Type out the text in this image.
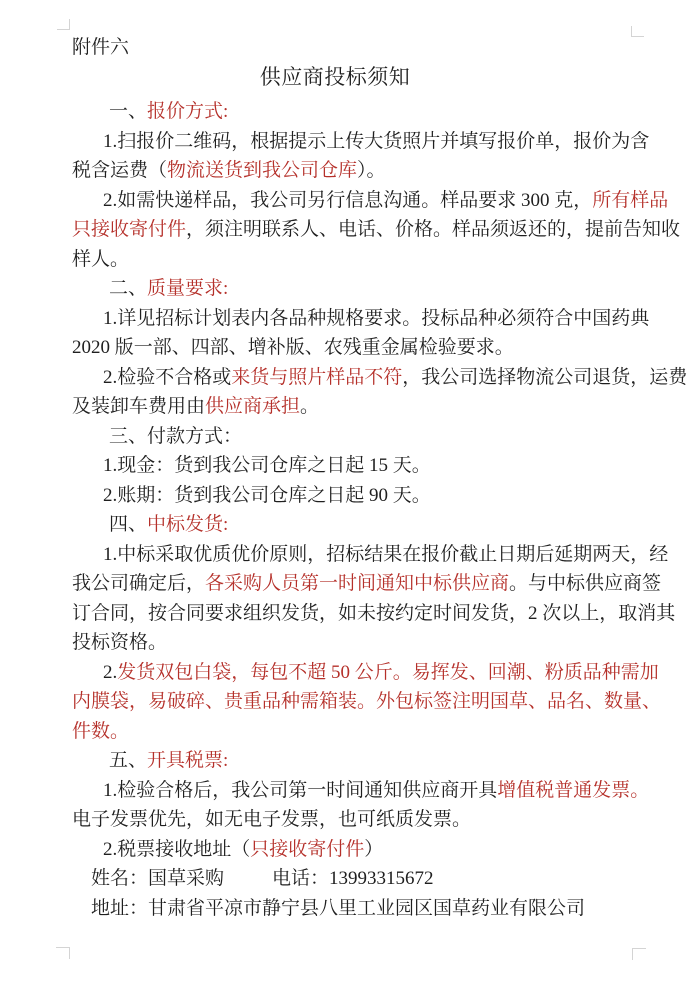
附件六
供应商投标须知
一、报价方式:
1.扫报价二维码，根据提示上传大货照片并填写报价单，报价为含
税含运费（物流送货到我公司仓库）。
2.如需快递样品，我公司另行信息沟通。样品要求 300 克，所有样品
只接收寄付件，须注明联系人、电话、价格。样品须返还的，提前告知收
样人。
二、质量要求:
1.详见招标计划表内各品种规格要求。投标品种必须符合中国药典
2020 版一部、四部、增补版、农残重金属检验要求。
2.检验不合格或来货与照片样品不符，我公司选择物流公司退货，运费
及装卸车费用由供应商承担。
三、付款方式：
1.现金：货到我公司仓库之日起 15 天。
2.账期：货到我公司仓库之日起 90 天。
四、中标发货:
1.中标采取优质优价原则，招标结果在报价截止日期后延期两天，经
我公司确定后，各采购人员第一时间通知中标供应商。与中标供应商签
订合同，按合同要求组织发货，如未按约定时间发货，2 次以上，取消其
投标资格。
2.发货双包白袋，每包不超 50 公斤。易挥发、回潮、粉质品种需加
内膜袋，易破碎、贵重品种需箱装。外包标签注明国草、品名、数量、
件数。
五、开具税票:
1.检验合格后，我公司第一时间通知供应商开具增值税普通发票。
电子发票优先，如无电子发票，也可纸质发票。
2.税票接收地址（只接收寄付件）
姓名：国草采购	电话：13993315672
地址：甘肃省平凉市静宁县八里工业园区国草药业有限公司
